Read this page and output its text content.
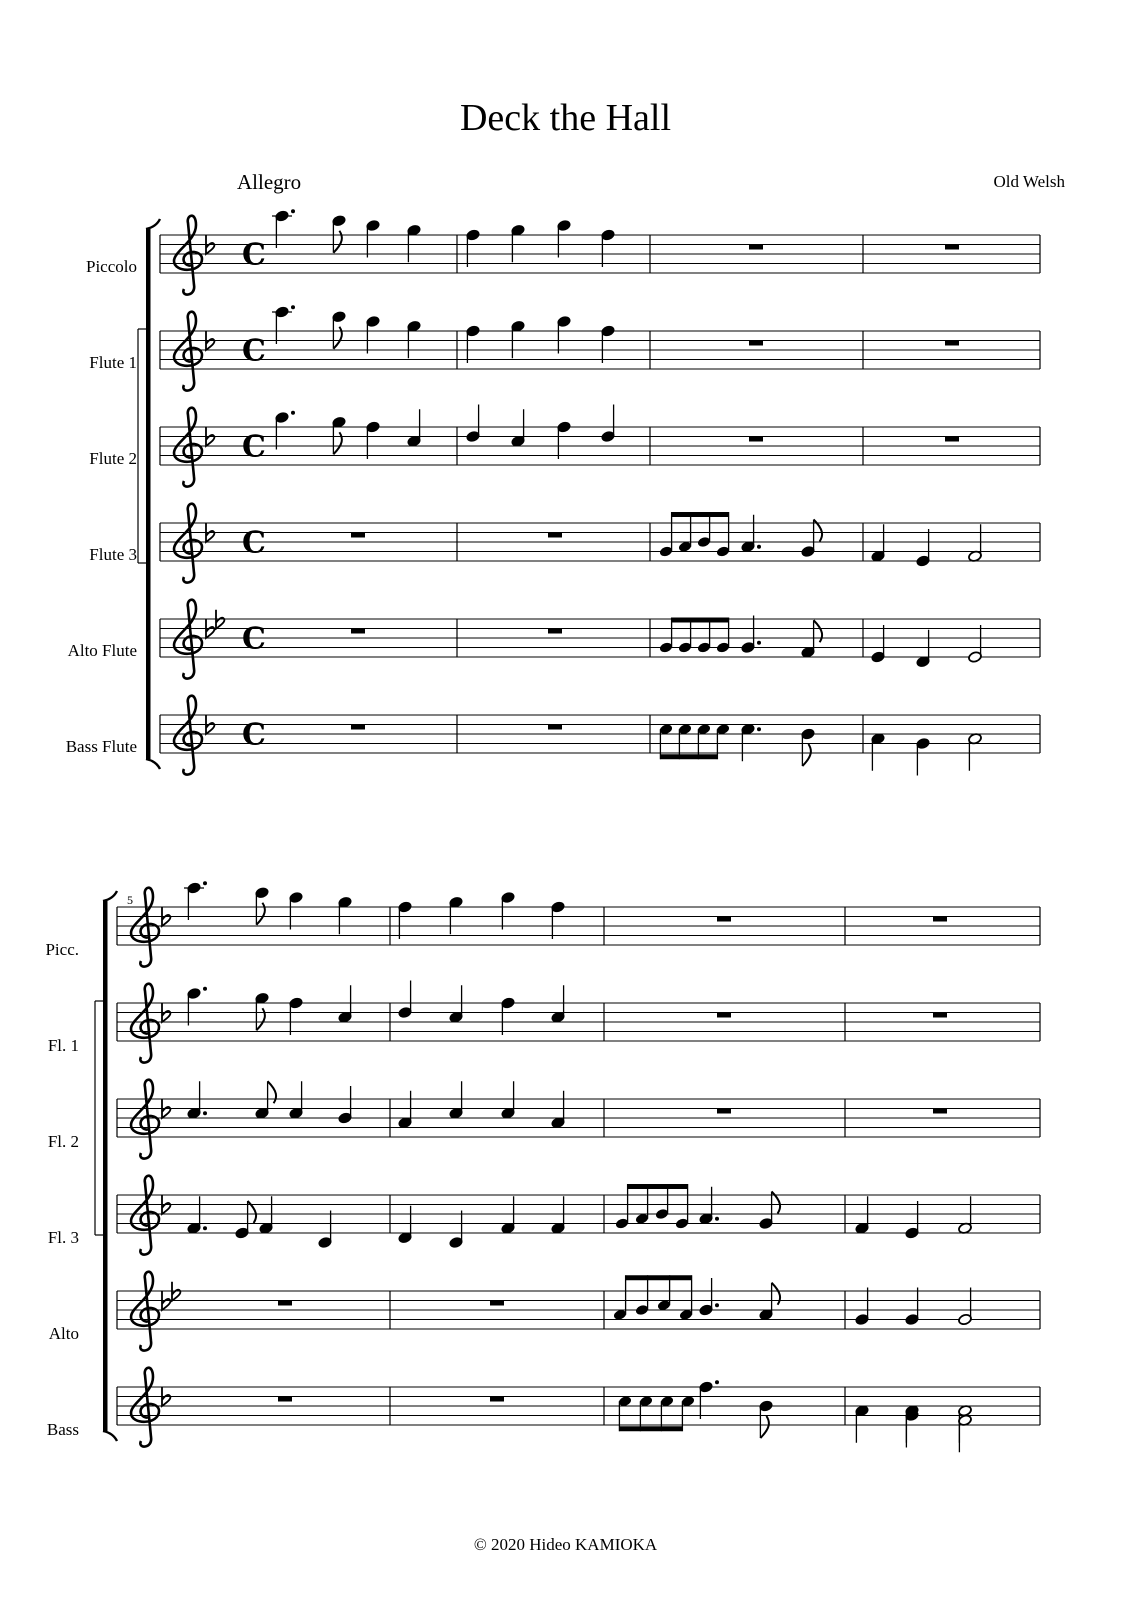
C
C
C
C
C
C
Deck the Hall
Allegro	Old Welsh
5
© 2020 Hideo KAMIOKA
Piccolo
Flute 1
Flute 2
Flute 3
Alto Flute
Bass Flute
Picc.
Fl. 1
Fl. 2
Fl. 3
Alto
Bass
